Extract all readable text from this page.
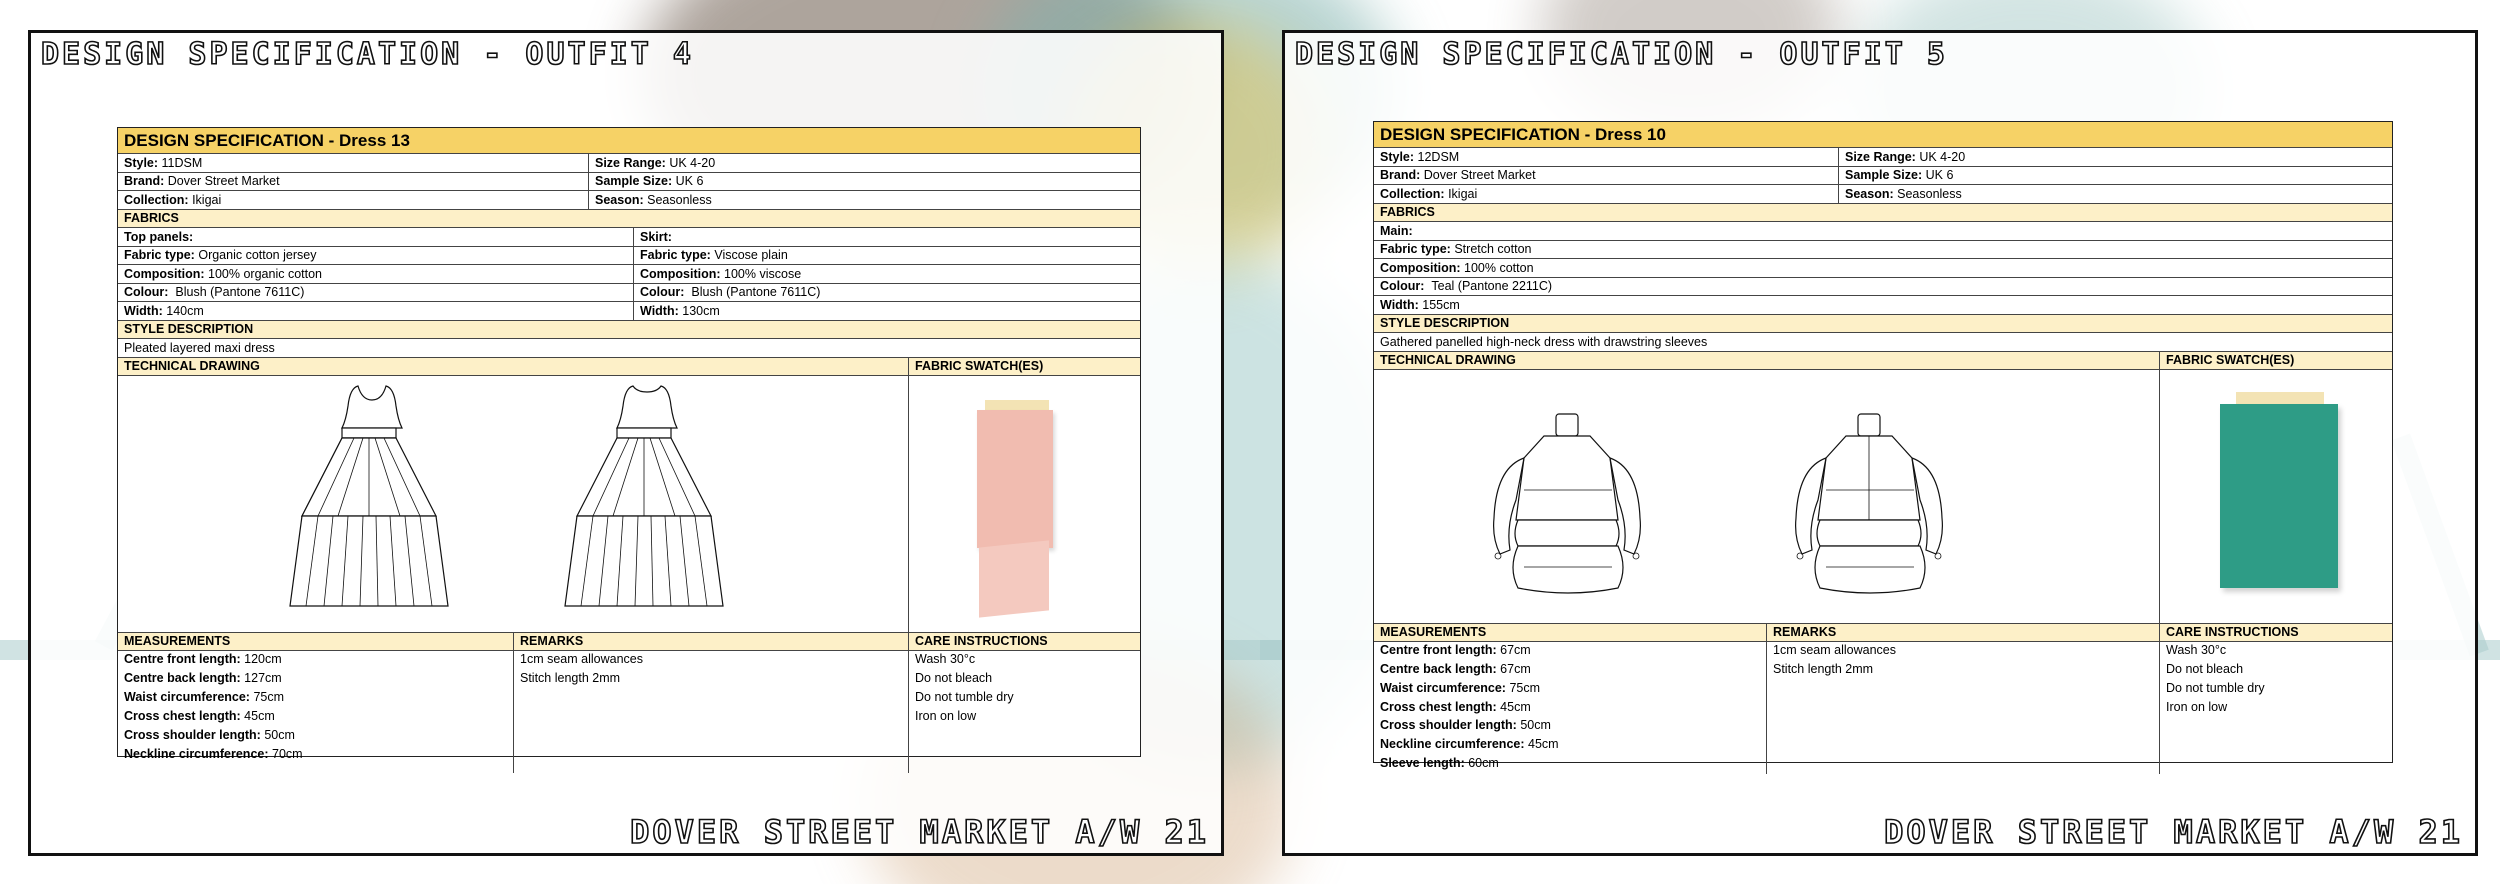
DESIGN SPECIFICATION - OUTFIT 4
DESIGN SPECIFICATION - Dress 13
Style:
11DSM	Size Range:
UK 4-20
Brand:
Dover Street Market	Sample Size:
UK 6
Collection:
Ikigai	Season:
Seasonless
FABRICS
Top panels:	Skirt:
Fabric type:
Organic cotton jersey	Fabric type:
Viscose plain
Composition:
100% organic cotton	Composition:
100% viscose
Colour:
Blush (Pantone 7611C)	Colour:
Blush (Pantone 7611C)
Width:
140cm	Width:
130cm
STYLE DESCRIPTION
Pleated layered maxi dress
TECHNICAL DRAWING	FABRIC SWATCH(ES)
MEASUREMENTS
Centre front length: 120cm
Centre back length: 127cm
Waist circumference: 75cm
Cross chest length: 45cm
Cross shoulder length: 50cm
Neckline circumference: 70cm
REMARKS
1cm seam allowances
Stitch length 2mm
CARE INSTRUCTIONS
Wash 30°c
Do not bleach
Do not tumble dry
Iron on low
DOVER STREET MARKET A/W 21
DESIGN SPECIFICATION - OUTFIT 5
DESIGN SPECIFICATION - Dress 10
Style:
12DSM	Size Range:
UK 4-20
Brand:
Dover Street Market	Sample Size:
UK 6
Collection:
Ikigai	Season:
Seasonless
FABRICS
Main:
Fabric type:
Stretch cotton
Composition:
100% cotton
Colour:
Teal (Pantone 2211C)
Width:
155cm
STYLE DESCRIPTION
Gathered panelled high-neck dress with drawstring sleeves
TECHNICAL DRAWING	FABRIC SWATCH(ES)
MEASUREMENTS
Centre front length: 67cm
Centre back length: 67cm
Waist circumference: 75cm
Cross chest length: 45cm
Cross shoulder length: 50cm
Neckline circumference: 45cm
Sleeve length: 60cm
REMARKS
1cm seam allowances
Stitch length 2mm
CARE INSTRUCTIONS
Wash 30°c
Do not bleach
Do not tumble dry
Iron on low
DOVER STREET MARKET A/W 21
